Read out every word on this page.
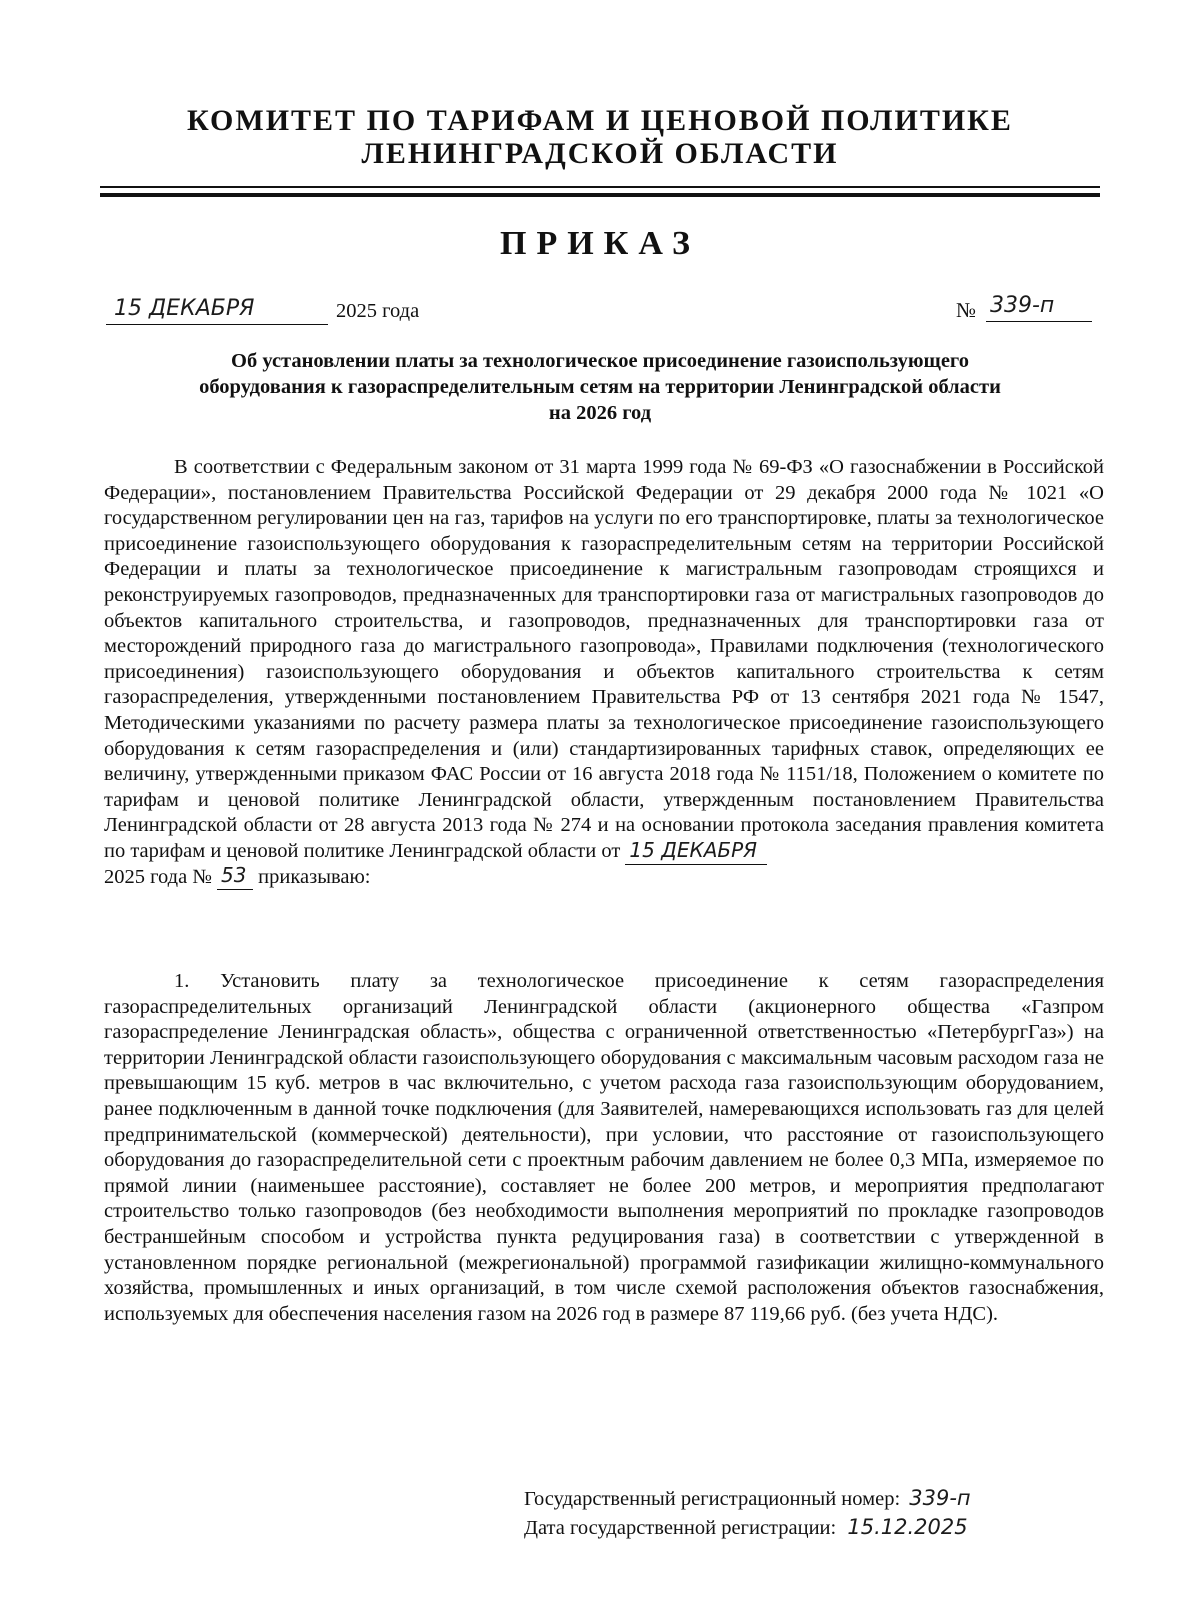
КОМИТЕТ ПО ТАРИФАМ И ЦЕНОВОЙ ПОЛИТИКЕ
ЛЕНИНГРАДСКОЙ ОБЛАСТИ
ПРИКАЗ
15 ДЕКАБРЯ	2025 года	№ 339-п
Об установлении платы за технологическое присоединение газоиспользующего
оборудования к газораспределительным сетям на территории Ленинградской области
на 2026 год
В соответствии с Федеральным законом от 31 марта 1999 года № 69-ФЗ «О газоснабжении в Российской Федерации», постановлением Правительства Российской Федерации от 29 декабря 2000 года № 1021 «О государственном регулировании цен на газ, тарифов на услуги по его транспортировке, платы за технологическое присоединение газоиспользующего оборудования к газораспределительным сетям на территории Российской Федерации и платы за технологическое присоединение к магистральным газопроводам строящихся и реконструируемых газопроводов, предназначенных для транспортировки газа от магистральных газопроводов до объектов капитального строительства, и газопроводов, предназначенных для транспортировки газа от месторождений природного газа до магистрального газопровода», Правилами подключения (технологического присоединения) газоиспользующего оборудования и объектов капитального строительства к сетям газораспределения, утвержденными постановлением Правительства РФ от 13 сентября 2021 года № 1547, Методическими указаниями по расчету размера платы за технологическое присоединение газоиспользующего оборудования к сетям газораспределения и (или) стандартизированных тарифных ставок, определяющих ее величину, утвержденными приказом ФАС России от 16 августа 2018 года № 1151/18, Положением о комитете по тарифам и ценовой политике Ленинградской области, утвержденным постановлением Правительства Ленинградской области от 28 августа 2013 года № 274 и на основании протокола заседания правления комитета по тарифам и ценовой политике Ленинградской области от 15 ДЕКАБРЯ

2025 года № 53 приказываю:
1. Установить плату за технологическое присоединение к сетям газораспределения газораспределительных организаций Ленинградской области (акционерного общества «Газпром газораспределение Ленинградская область», общества с ограниченной ответственностью «ПетербургГаз») на территории Ленинградской области газоиспользующего оборудования с максимальным часовым расходом газа не превышающим 15 куб. метров в час включительно, с учетом расхода газа газоиспользующим оборудованием, ранее подключенным в данной точке подключения (для Заявителей, намеревающихся использовать газ для целей предпринимательской (коммерческой) деятельности), при условии, что расстояние от газоиспользующего оборудования до газораспределительной сети с проектным рабочим давлением не более 0,3 МПа, измеряемое по прямой линии (наименьшее расстояние), составляет не более 200 метров, и мероприятия предполагают строительство только газопроводов (без необходимости выполнения мероприятий по прокладке газопроводов бестраншейным способом и устройства пункта редуцирования газа) в соответствии с утвержденной в установленном порядке региональной (межрегиональной) программой газификации жилищно-коммунального хозяйства, промышленных и иных организаций, в том числе схемой расположения объектов газоснабжения, используемых для обеспечения населения газом на 2026 год в размере 87 119,66 руб. (без учета НДС).
Государственный регистрационный номер: 339-п
Дата государственной регистрации: 15.12.2025
